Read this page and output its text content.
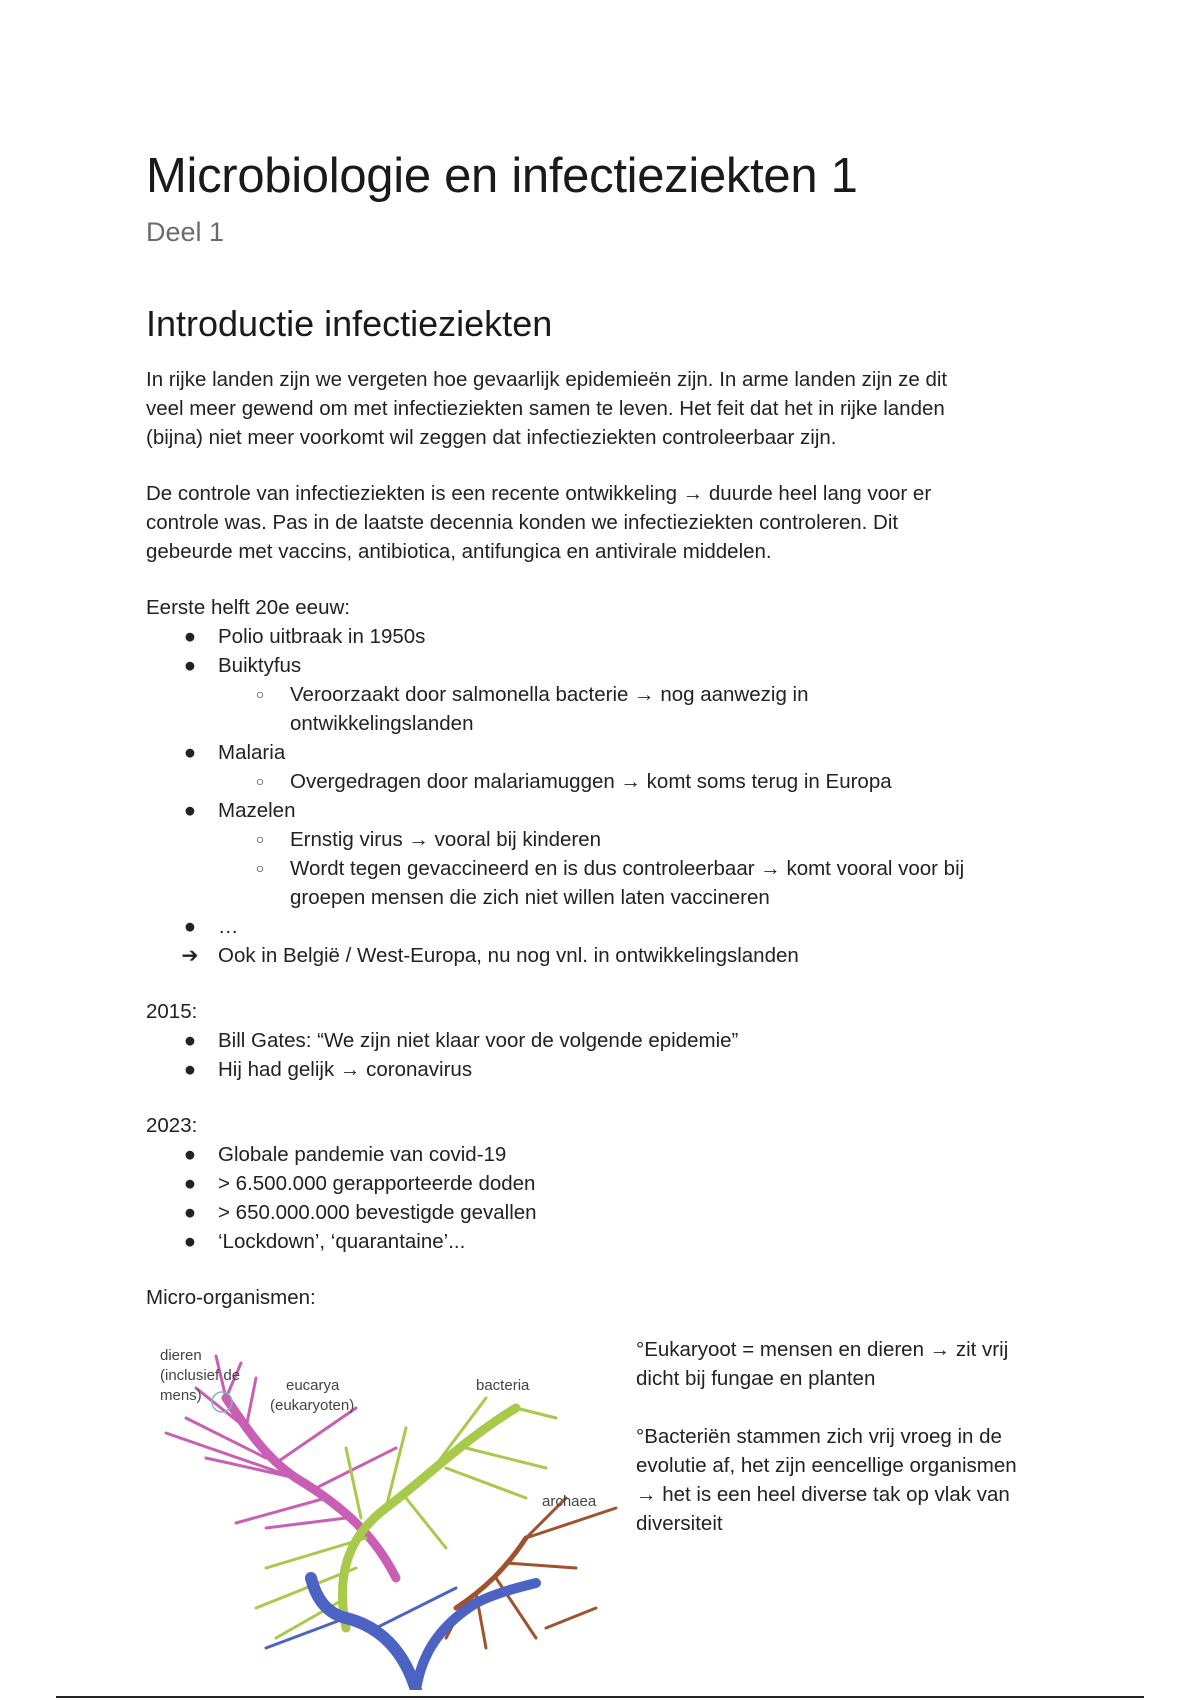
Microbiologie en infectieziekten 1
Deel 1
Introductie infectieziekten
In rijke landen zijn we vergeten hoe gevaarlijk epidemieën zijn. In arme landen zijn ze dit
veel meer gewend om met infectieziekten samen te leven. Het feit dat het in rijke landen
(bijna) niet meer voorkomt wil zeggen dat infectieziekten controleerbaar zijn.
De controle van infectieziekten is een recente ontwikkeling → duurde heel lang voor er
controle was. Pas in de laatste decennia konden we infectieziekten controleren. Dit
gebeurde met vaccins, antibiotica, antifungica en antivirale middelen.
Eerste helft 20e eeuw:
● Polio uitbraak in 1950s
● Buiktyfus
○ Veroorzaakt door salmonella bacterie → nog aanwezig in
ontwikkelingslanden
● Malaria
○ Overgedragen door malariamuggen → komt soms terug in Europa
● Mazelen
○ Ernstig virus → vooral bij kinderen
○ Wordt tegen gevaccineerd en is dus controleerbaar → komt vooral voor bij
groepen mensen die zich niet willen laten vaccineren
● …
➔ Ook in België / West-Europa, nu nog vnl. in ontwikkelingslanden
2015:
● Bill Gates: “We zijn niet klaar voor de volgende epidemie”
● Hij had gelijk → coronavirus
2023:
● Globale pandemie van covid-19
● > 6.500.000 gerapporteerde doden
● > 650.000.000 bevestigde gevallen
● ‘Lockdown’, ‘quarantaine’...
Micro-organismen:
dieren
(inclusief de
mens)
eucarya
(eukaryoten)
bacteria
archaea

°Eukaryoot = mensen en dieren → zit vrij

dicht bij fungae en planten

°Bacteriën stammen zich vrij vroeg in de

evolutie af, het zijn eencellige organismen

→ het is een heel diverse tak op vlak van

diversiteit
